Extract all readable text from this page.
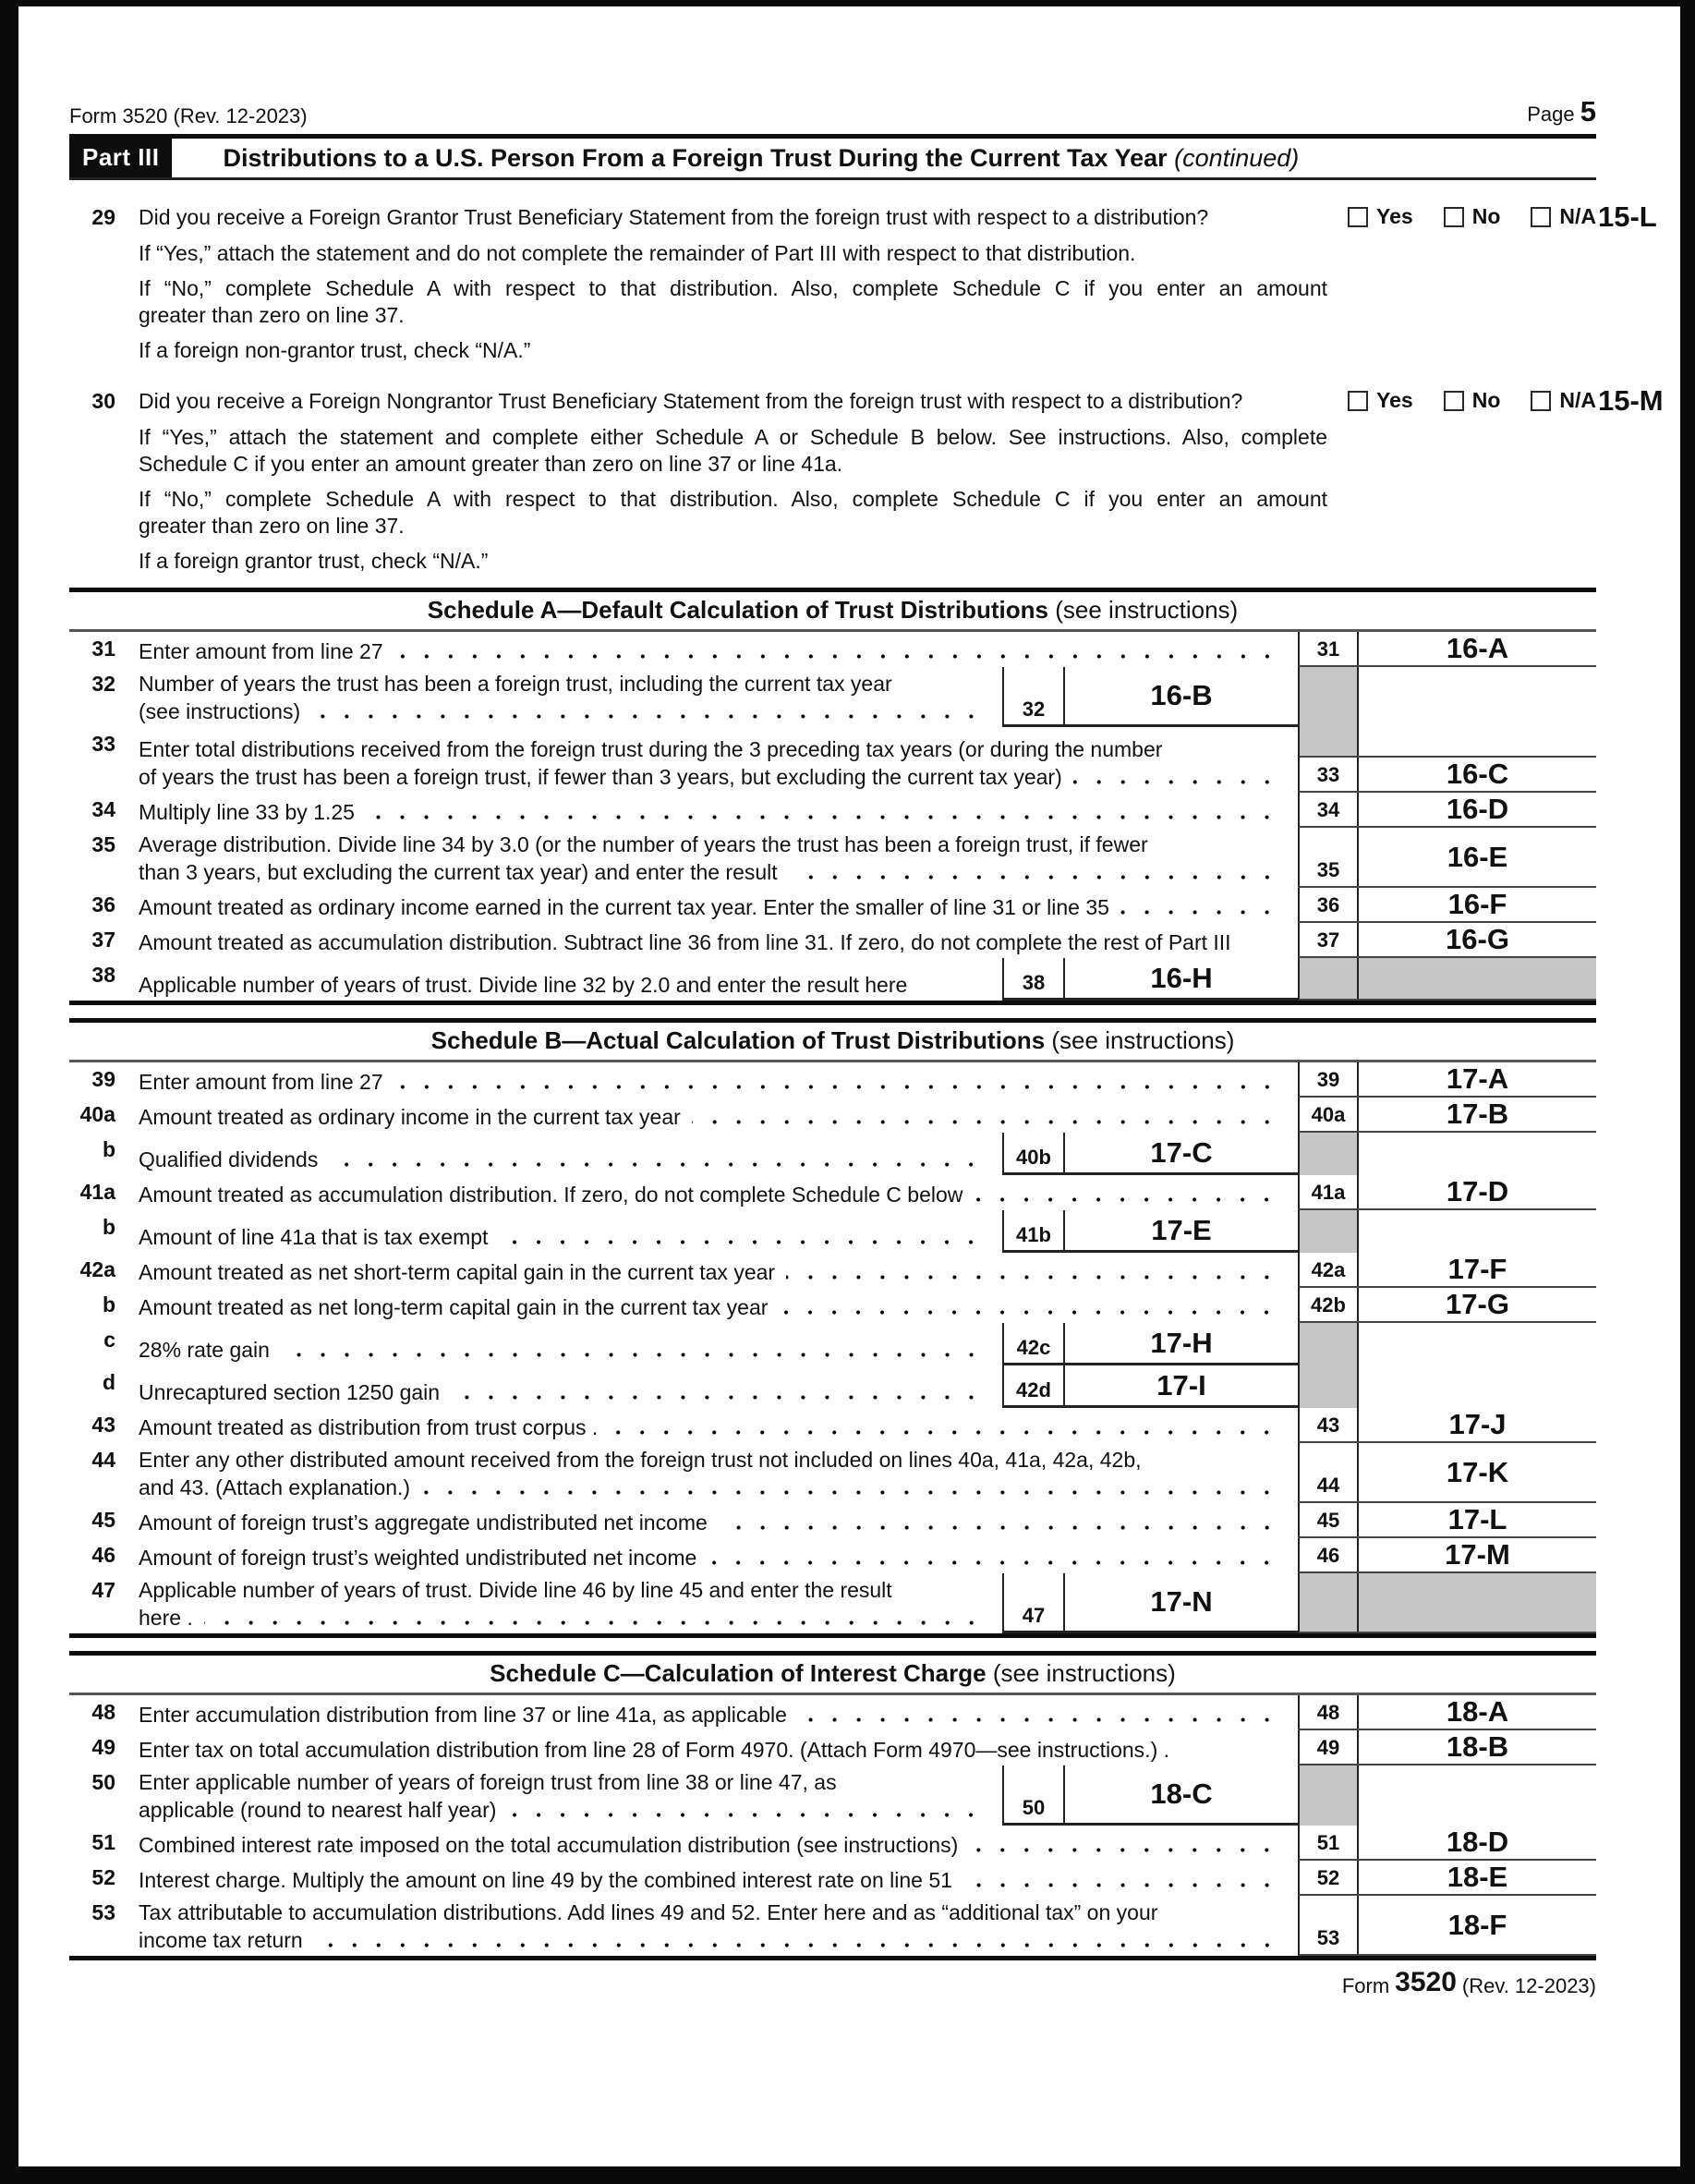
Form 3520 (Rev. 12-2023)	Page 5
Part III	Distributions to a U.S. Person From a Foreign Trust During the Current Tax Year (continued)
29 Did you receive a Foreign Grantor Trust Beneficiary Statement from the foreign trust with respect to a distribution?
If “Yes,” attach the statement and do not complete the remainder of Part III with respect to that distribution.
If “No,” complete Schedule A with respect to that distribution. Also, complete Schedule C if you enter an amount
greater than zero on line 37.
If a foreign non-grantor trust, check “N/A.”
Yes	No	N/A 15-L
30 Did you receive a Foreign Nongrantor Trust Beneficiary Statement from the foreign trust with respect to a distribution?
If “Yes,” attach the statement and complete either Schedule A or Schedule B below. See instructions. Also, complete
Schedule C if you enter an amount greater than zero on line 37 or line 41a.
If “No,” complete Schedule A with respect to that distribution. Also, complete Schedule C if you enter an amount
greater than zero on line 37.
If a foreign grantor trust, check “N/A.”
Yes	No	N/A 15-M
Schedule A—Default Calculation of Trust Distributions (see instructions)
31 Enter amount from line 27	31	16-A
32 Number of years the trust has been a foreign trust, including the current tax year
(see instructions)	32	16-B
33 Enter total distributions received from the foreign trust during the 3 preceding tax years (or during the number
of years the trust has been a foreign trust, if fewer than 3 years, but excluding the current tax year)	33	16-C
34 Multiply line 33 by 1.25	34	16-D
35 Average distribution. Divide line 34 by 3.0 (or the number of years the trust has been a foreign trust, if fewer
than 3 years, but excluding the current tax year) and enter the result	35	16-E
36 Amount treated as ordinary income earned in the current tax year. Enter the smaller of line 31 or line 35	36	16-F
37 Amount treated as accumulation distribution. Subtract line 36 from line 31. If zero, do not complete the rest of Part III	37	16-G
38 Applicable number of years of trust. Divide line 32 by 2.0 and enter the result here	38	16-H
Schedule B—Actual Calculation of Trust Distributions (see instructions)
39 Enter amount from line 27	39	17-A
40a Amount treated as ordinary income in the current tax year	40a	17-B
b Qualified dividends	40b	17-C
41a Amount treated as accumulation distribution. If zero, do not complete Schedule C below	41a	17-D
b Amount of line 41a that is tax exempt	41b	17-E
42a Amount treated as net short-term capital gain in the current tax year	42a	17-F
b Amount treated as net long-term capital gain in the current tax year	42b	17-G
c 28% rate gain	42c	17-H
d Unrecaptured section 1250 gain	42d	17-I
43 Amount treated as distribution from trust corpus .	43	17-J
44 Enter any other distributed amount received from the foreign trust not included on lines 40a, 41a, 42a, 42b,
and 43. (Attach explanation.)	44	17-K
45 Amount of foreign trust’s aggregate undistributed net income	45	17-L
46 Amount of foreign trust’s weighted undistributed net income	46	17-M
47 Applicable number of years of trust. Divide line 46 by line 45 and enter the result
here .	47	17-N
Schedule C—Calculation of Interest Charge (see instructions)
48 Enter accumulation distribution from line 37 or line 41a, as applicable	48	18-A
49 Enter tax on total accumulation distribution from line 28 of Form 4970. (Attach Form 4970—see instructions.) .	49	18-B
50 Enter applicable number of years of foreign trust from line 38 or line 47, as
applicable (round to nearest half year)	50	18-C
51 Combined interest rate imposed on the total accumulation distribution (see instructions)	51	18-D
52 Interest charge. Multiply the amount on line 49 by the combined interest rate on line 51	52	18-E
53 Tax attributable to accumulation distributions. Add lines 49 and 52. Enter here and as “additional tax” on your
income tax return	53	18-F
Form 3520 (Rev. 12-2023)
